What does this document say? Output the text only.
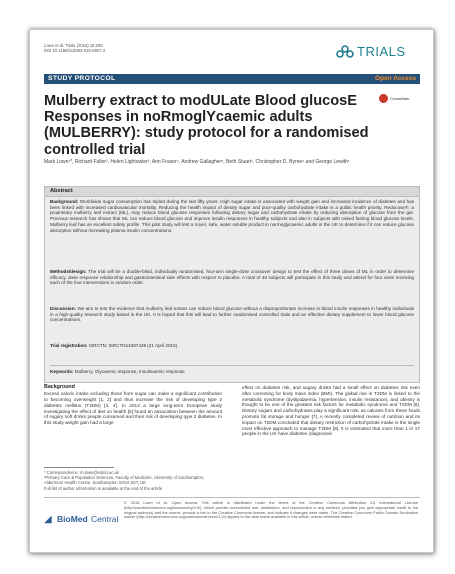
Lown et al. Trials (2015) 16:286
DOI 10.1186/s13063-015-0807-2	TRIALS
STUDY PROTOCOL	Open Access
Mulberry extract to modULate Blood glucosE Responses in noRmoglYcaemic adults (MULBERRY): study protocol for a randomised controlled trial
CrossMark
Mark Lown¹*, Richard Fuller², Helen Lightowler³, Ann Fraser⁴, Andrew Gallagher⁵, Beth Stuart¹, Christopher D. Byrne⁶ and George Lewith¹
Abstract
Background: Worldwide sugar consumption has tripled during the last fifty years. High sugar intake is associated with weight gain and increased incidence of diabetes and has been linked with increased cardiovascular mortality. Reducing the health impact of dietary sugar and poor-quality carbohydrate intake is a public health priority. Reducose®, a proprietary mulberry leaf extract (ML), may reduce blood glucose responses following dietary sugar and carbohydrate intake by reducing absorption of glucose from the gut. Previous research has shown that ML can reduce blood glucose and improve insulin responses in healthy subjects and also in subjects with raised fasting blood glucose levels. Mulberry leaf has an excellent safety profile. This pilot study will test a novel, safe, water soluble product in normoglycaemic adults in the UK to determine if it can reduce glucose absorption without increasing plasma insulin concentrations.
Methods/design: The trial will be a double-blind, individually randomised, four-arm single-dose crossover design to test the effect of three doses of ML in order to determine efficacy, dose response relationship and gastrointestinal side effects with respect to placebo. A total of 40 subjects will participate in this study and attend for four visits receiving each of the four interventions in random order.
Discussion: We aim to test the evidence that mulberry leaf extract can reduce blood glucose without a disproportionate increase in blood insulin responses in healthy individuals in a high-quality research study based in the UK. It is hoped that this will lead to further randomised controlled trials and an effective dietary supplement to lower blood glucose concentrations.
Trial registration: ISRCTN: ISRCTN14397439 (21 April 2015)
Keywords: Mulberry, Glycaemic response, Insulinaemic response
Background
Excess caloric intake including those from sugar can make a significant contribution to becoming overweight [1, 2] and thus increase the risk of developing type 2 diabetes mellitus (T2DM) [3, 4]. In 2013 a large long-term European study investigating the effect of diet on health [5] found an association between the amount of sugary soft drinks people consumed and their risk of developing type 2 diabetes. In this study weight gain had a large
effect on diabetes risk, and sugary drinks had a small effect on diabetes risk even after correcting for body mass index (BMI). The global rise in T2DM is linked to the metabolic syndrome (dyslipidaemia, hypertension, insulin resistance), and obesity is thought to be one of the greatest risk factors for metabolic syndrome and T2DM [6]. Dietary sugars and carbohydrates play a significant role, as calories from these foods promote fat storage and hunger [7]. A recently completed review of nutrition and its impact on T2DM concluded that dietary restriction of carbohydrate intake is the single most effective approach to manage T2DM [8]. It is estimated that more than 1 in 17 people in the UK have diabetes (diagnosed
* Correspondence: m.lown@soton.ac.uk
¹Primary Care & Population Sciences, Faculty of Medicine, University of Southampton, Aldermoor Health Centre, Southampton SO16 5ST, UK
Full list of author information is available at the end of the article
◢ BioMed Central
© 2015 Lown et al. Open Access This article is distributed under the terms of the Creative Commons Attribution 4.0 International License (http://creativecommons.org/licenses/by/4.0/), which permits unrestricted use, distribution, and reproduction in any medium, provided you give appropriate credit to the original author(s) and the source, provide a link to the Creative Commons license, and indicate if changes were made. The Creative Commons Public Domain Dedication waiver (http://creativecommons.org/publicdomain/zero/1.0/) applies to the data made available in this article, unless otherwise stated.
